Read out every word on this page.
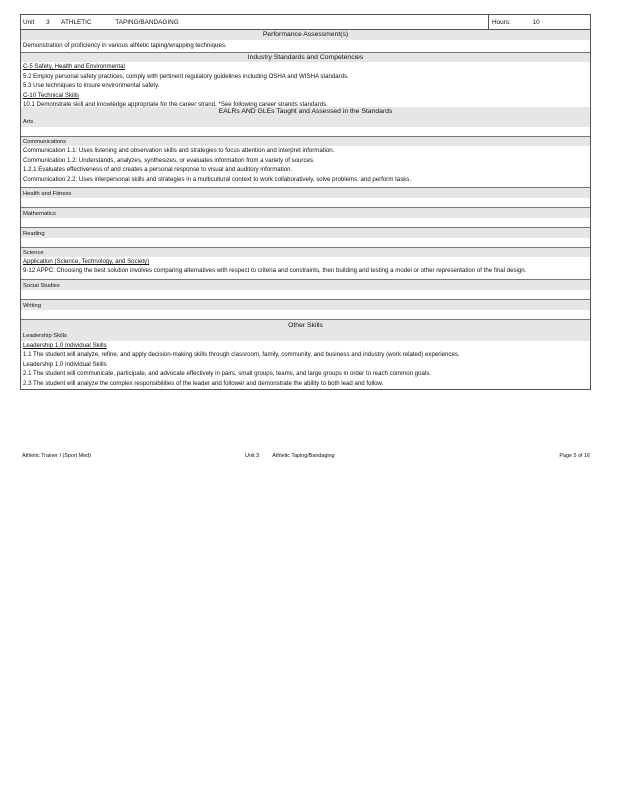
Unit 3 ATHLETIC	TAPING/BANDAGING	Hours:	10
Performance Assessment(s)
Demonstration of proficiency in various athletic taping/wrapping techniques.
Industry Standards and Competencies
C-5 Safety, Health and Environmental
5.2 Employ personal safety practices, comply with pertinent regulatory guidelines including OSHA and WISHA standards.
5.3 Use techniques to insure environmental safety.
C-10 Technical Skills
10.1 Demonstrate skill and knowledge appropriate for the career strand. *See following career strands standards.
EALRs AND GLEs Taught and Assessed in the Standards
Arts
Communications
Communication 1.1: Uses listening and observation skills and strategies to focus attention and interpret information.
Communication 1.2: Understands, analyzes, synthesizes, or evaluates information from a variety of sources.
1.2.1 Evaluates effectiveness of and creates a personal response to visual and auditory information.
Communication 2.2: Uses interpersonal skills and strategies in a multicultural context to work collaboratively, solve problems, and perform tasks.
Health and Fitness
Mathematics
Reading
Science
Application (Science, Technology, and Society)
9-12 APPC: Choosing the best solution involves comparing alternatives with respect to criteria and constraints, then building and testing a model or other representation of the final design.
Social Studies
Writing
Other Skills
Leadership Skills
Leadership 1.0 Individual Skills
1.1 The student will analyze, refine, and apply decision-making skills through classroom, family, community, and business and industry (work related) experiences.
Leadership 1.0 Individual Skills
2.1 The student will communicate, participate, and advocate effectively in pairs, small groups, teams, and large groups in order to reach common goals.
2.3 The student will analyze the complex responsibilities of the leader and follower and demonstrate the ability to both lead and follow.
Athletic Trainer I (Sport Med)	Unit 3 Athletic Taping/Bandaging	Page 5 of 16
